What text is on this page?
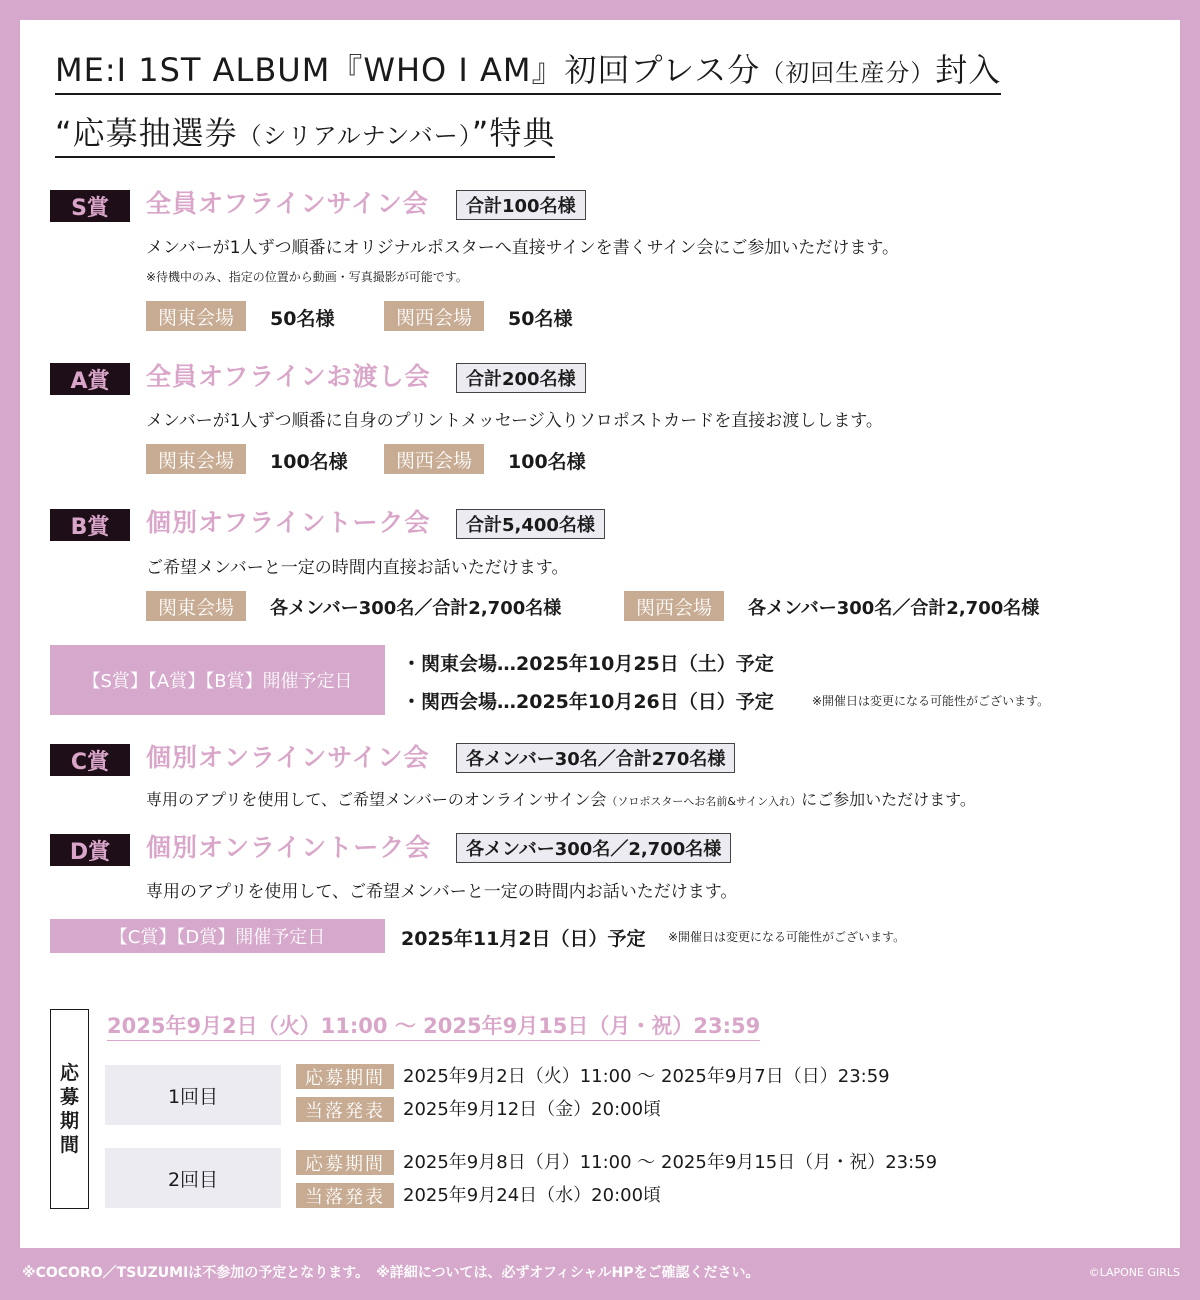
ME:I 1ST ALBUM『WHO I AM』初回プレス分（初回生産分）封入
“応募抽選券（シリアルナンバー）”特典
S賞	全員オフラインサイン会	合計100名様
メンバーが1人ずつ順番にオリジナルポスターへ直接サインを書くサイン会にご参加いただけます。
※待機中のみ、指定の位置から動画・写真撮影が可能です。
関東会場	50名様	関西会場	50名様
A賞	全員オフラインお渡し会	合計200名様
メンバーが1人ずつ順番に自身のプリントメッセージ入りソロポストカードを直接お渡しします。
関東会場	100名様	関西会場	100名様
B賞	個別オフライントーク会	合計5,400名様
ご希望メンバーと一定の時間内直接お話いただけます。
関東会場	各メンバー300名／合計2,700名様	関西会場	各メンバー300名／合計2,700名様
【S賞】【A賞】【B賞】開催予定日
・関東会場…2025年10月25日（土）予定
・関西会場…2025年10月26日（日）予定	※開催日は変更になる可能性がございます。
C賞	個別オンラインサイン会	各メンバー30名／合計270名様
専用のアプリを使用して、ご希望メンバーのオンラインサイン会（ソロポスターへお名前&サイン入れ）にご参加いただけます。
D賞	個別オンライントーク会	各メンバー300名／2,700名様
専用のアプリを使用して、ご希望メンバーと一定の時間内お話いただけます。
【C賞】【D賞】開催予定日	2025年11月2日（日）予定 ※開催日は変更になる可能性がございます。
応
募
期
間
2025年9月2日（火）11:00 〜 2025年9月15日（月・祝）23:59
1回目
応募期間	2025年9月2日（火）11:00 〜 2025年9月7日（日）23:59
当落発表	2025年9月12日（金）20:00頃
2回目
応募期間	2025年9月8日（月）11:00 〜 2025年9月15日（月・祝）23:59
当落発表	2025年9月24日（水）20:00頃
※COCORO／TSUZUMIは不参加の予定となります。　※詳細については、必ずオフィシャルHPをご確認ください。	©LAPONE GIRLS
